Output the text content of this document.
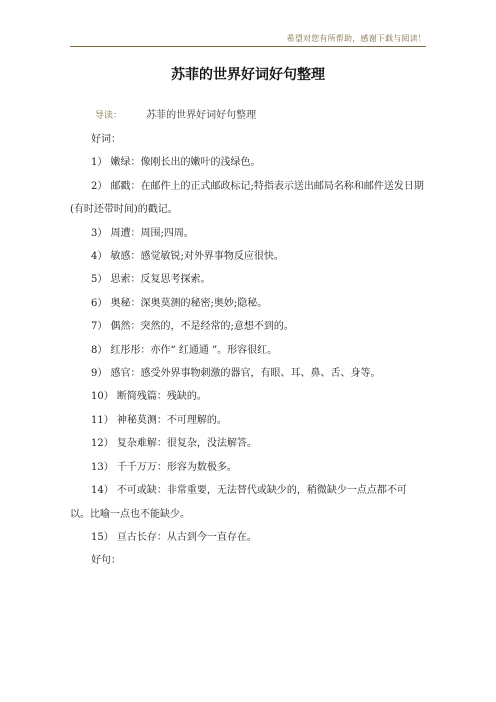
希望对您有所帮助，感谢下载与阅读！
苏菲的世界好词好句整理
导读： 苏菲的世界好词好句整理

好词：

1） 嫩绿：像刚长出的嫩叶的浅绿色。

2） 邮戳：在邮件上的正式邮政标记;特指表示送出邮局名称和邮件送发日期(有时还带时间)的戳记。

3） 周遭：周围;四周。

4） 敏感：感觉敏锐;对外界事物反应很快。

5） 思索：反复思考探索。

6） 奥秘：深奥莫测的秘密;奥妙;隐秘。

7） 偶然：突然的，不是经常的;意想不到的。

8） 红彤彤：亦作“ 红通通 ”。形容很红。

9） 感官：感受外界事物刺激的器官，有眼、耳、鼻、舌、身等。

10） 断简残篇：残缺的。

11） 神秘莫测：不可理解的。

12） 复杂难解：很复杂，没法解答。

13） 千千万万：形容为数极多。

14） 不可或缺：非常重要，无法替代或缺少的，稍微缺少一点点都不可以。比喻一点也不能缺少。

15） 亘古长存：从古到今一直存在。

好句：
